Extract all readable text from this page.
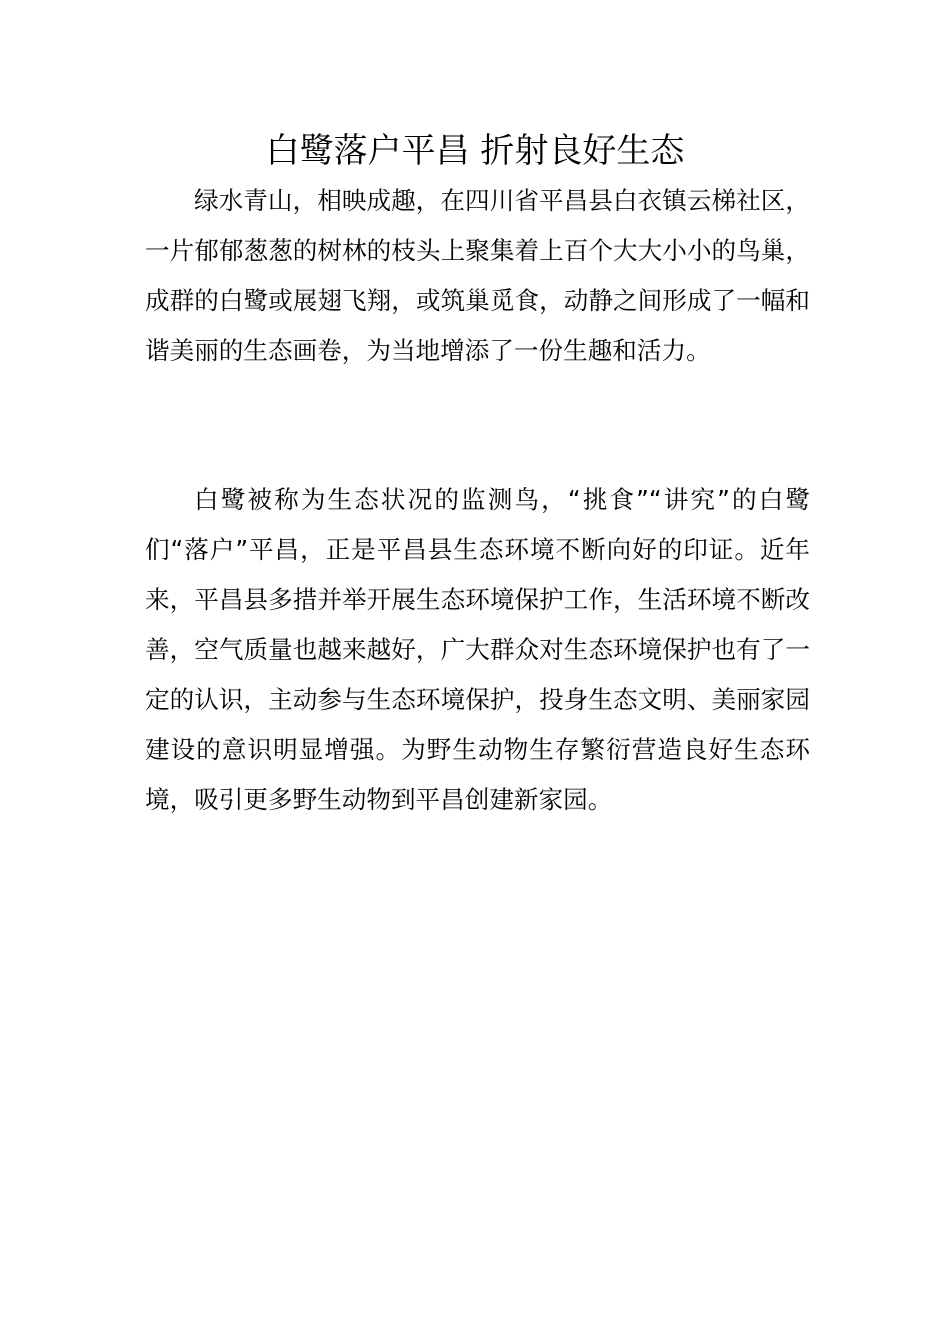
白鹭落户平昌 折射良好生态

绿水青山，相映成趣，在四川省平昌县白衣镇云梯社区，一片郁郁葱葱的树林的枝头上聚集着上百个大大小小的鸟巢，成群的白鹭或展翅飞翔，或筑巢觅食，动静之间形成了一幅和谐美丽的生态画卷，为当地增添了一份生趣和活力。

白鹭被称为生态状况的监测鸟，“挑食”“讲究”的白鹭们“落户”平昌，正是平昌县生态环境不断向好的印证。近年来，平昌县多措并举开展生态环境保护工作，生活环境不断改善，空气质量也越来越好，广大群众对生态环境保护也有了一定的认识，主动参与生态环境保护，投身生态文明、美丽家园建设的意识明显增强。为野生动物生存繁衍营造良好生态环境，吸引更多野生动物到平昌创建新家园。
